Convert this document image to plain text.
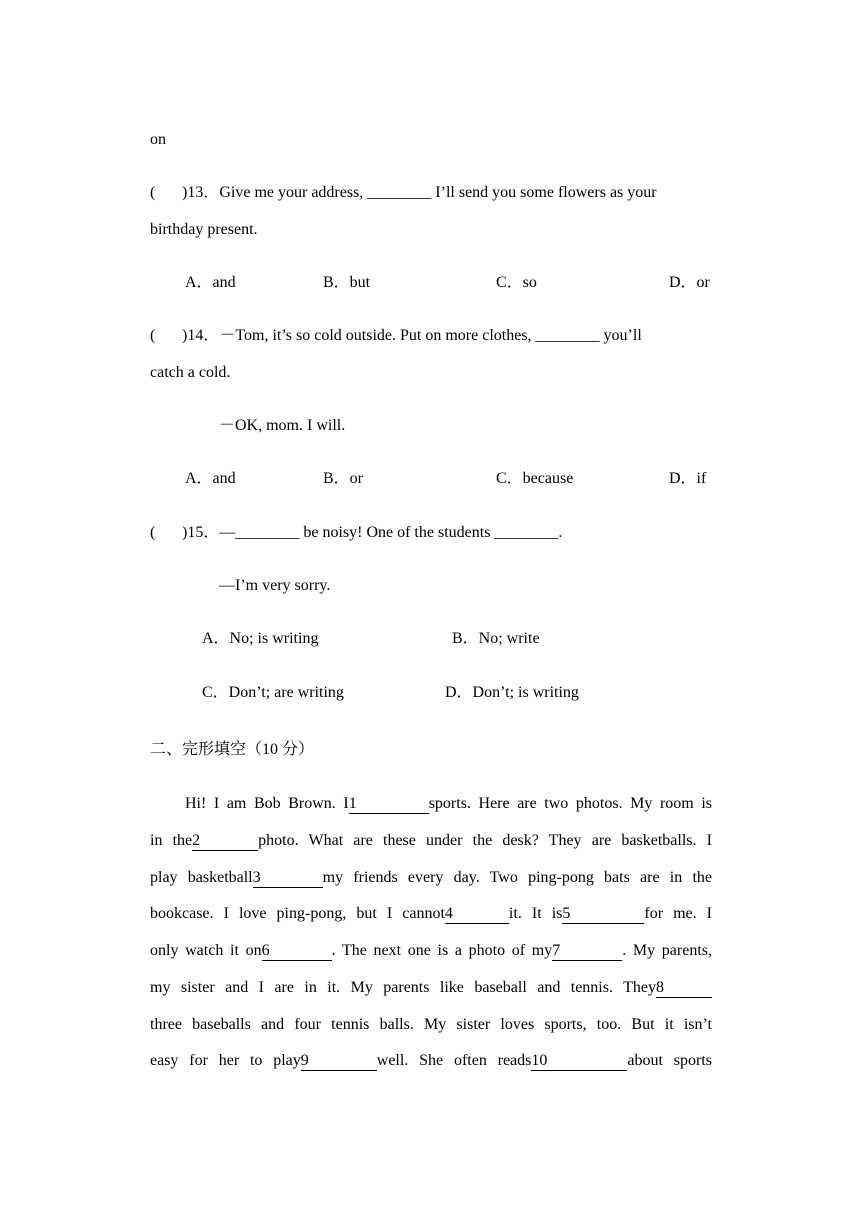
on
( )13．Give me your address, ________ I’ll send you some flowers as your
birthday present.
A．and	B．but	C．so	D．or
( )14．－Tom, it’s so cold outside. Put on more clothes, ________ you’ll
catch a cold.
－OK, mom. I will.
A．and	B．or	C．because	D．if
( )15．—________ be noisy! One of the students ________.
—I’m very sorry.
A．No; is writing	B．No; write
C．Don’t; are writing	D．Don’t; is writing
二、完形填空（10 分）
Hi! I am Bob Brown. I1	sports. Here are two photos. My room is
in the2	photo. What are these under the desk? They are basketballs. I
play basketball3	my friends every day. Two ping-pong bats are in the
bookcase. I love ping-pong, but I cannot4	it. It is5	for me. I
only watch it on6	. The next one is a photo of my7	. My parents,
my sister and I are in it. My parents like baseball and tennis. They8
three baseballs and four tennis balls. My sister loves sports, too. But it isn’t
easy for her to play9	well. She often reads10	about sports
